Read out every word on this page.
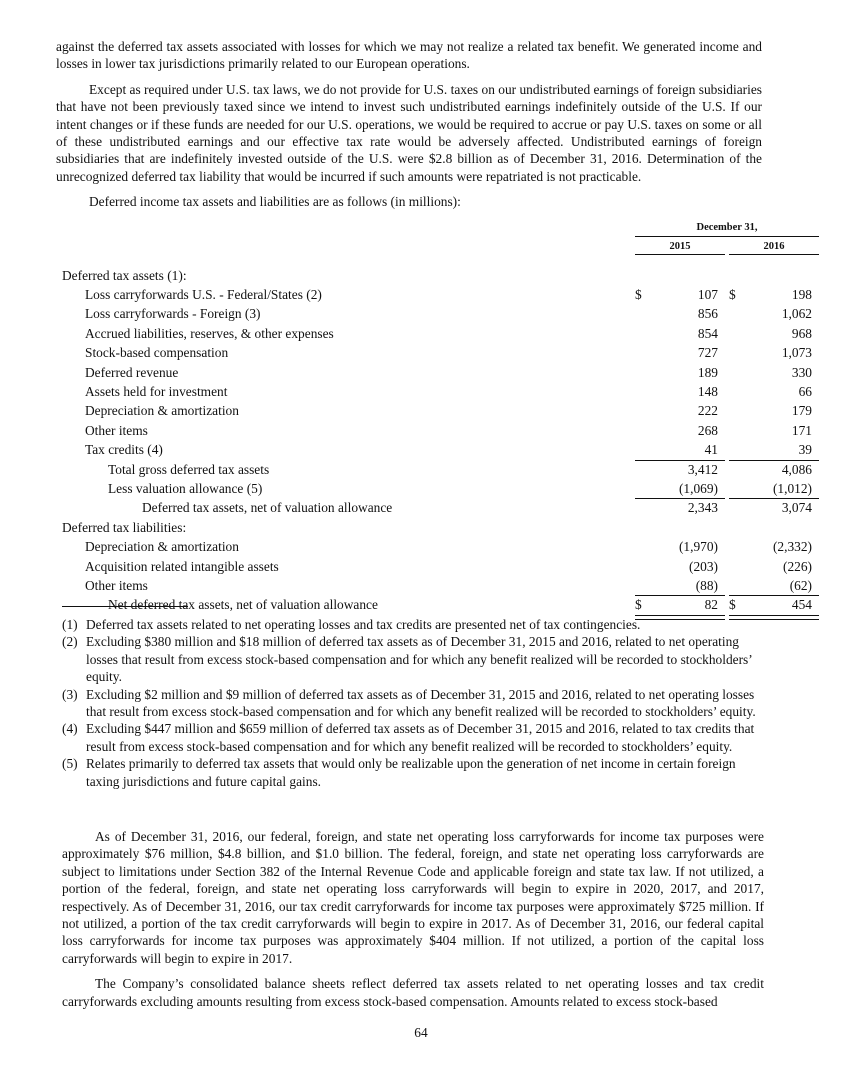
against the deferred tax assets associated with losses for which we may not realize a related tax benefit. We generated income and losses in lower tax jurisdictions primarily related to our European operations.

Except as required under U.S. tax laws, we do not provide for U.S. taxes on our undistributed earnings of foreign subsidiaries that have not been previously taxed since we intend to invest such undistributed earnings indefinitely outside of the U.S. If our intent changes or if these funds are needed for our U.S. operations, we would be required to accrue or pay U.S. taxes on some or all of these undistributed earnings and our effective tax rate would be adversely affected. Undistributed earnings of foreign subsidiaries that are indefinitely invested outside of the U.S. were $2.8 billion as of December 31, 2016. Determination of the unrecognized deferred tax liability that would be incurred if such amounts were repatriated is not practicable.

Deferred income tax assets and liabilities are as follows (in millions):

December 31,
2015	2016
Deferred tax assets (1):
Loss carryforwards U.S. - Federal/States (2)	$	107 $	198
Loss carryforwards - Foreign (3)	856	1,062
Accrued liabilities, reserves, & other expenses	854	968
Stock-based compensation	727	1,073
Deferred revenue	189	330
Assets held for investment	148	66
Depreciation & amortization	222	179
Other items	268	171
Tax credits (4)	41	39
Total gross deferred tax assets	3,412	4,086
Less valuation allowance (5)	(1,069)	(1,012)
Deferred tax assets, net of valuation allowance	2,343	3,074
Deferred tax liabilities:
Depreciation & amortization	(1,970)	(2,332)
Acquisition related intangible assets	(203)	(226)
Other items	(88)	(62)
Net deferred tax assets, net of valuation allowance	$	82 $	454

(1) Deferred tax assets related to net operating losses and tax credits are presented net of tax contingencies.

(2) Excluding $380 million and $18 million of deferred tax assets as of December 31, 2015 and 2016, related to net operating losses that result from excess stock-based compensation and for which any benefit realized will be recorded to stockholders’ equity.

(3) Excluding $2 million and $9 million of deferred tax assets as of December 31, 2015 and 2016, related to net operating losses that result from excess stock-based compensation and for which any benefit realized will be recorded to stockholders’ equity.

(4) Excluding $447 million and $659 million of deferred tax assets as of December 31, 2015 and 2016, related to tax credits that result from excess stock-based compensation and for which any benefit realized will be recorded to stockholders’ equity.

(5) Relates primarily to deferred tax assets that would only be realizable upon the generation of net income in certain foreign taxing jurisdictions and future capital gains.

As of December 31, 2016, our federal, foreign, and state net operating loss carryforwards for income tax purposes were approximately $76 million, $4.8 billion, and $1.0 billion. The federal, foreign, and state net operating loss carryforwards are subject to limitations under Section 382 of the Internal Revenue Code and applicable foreign and state tax law. If not utilized, a portion of the federal, foreign, and state net operating loss carryforwards will begin to expire in 2020, 2017, and 2017, respectively. As of December 31, 2016, our tax credit carryforwards for income tax purposes were approximately $725 million. If not utilized, a portion of the tax credit carryforwards will begin to expire in 2017. As of December 31, 2016, our federal capital loss carryforwards for income tax purposes was approximately $404 million. If not utilized, a portion of the capital loss carryforwards will begin to expire in 2017.

The Company’s consolidated balance sheets reflect deferred tax assets related to net operating losses and tax credit carryforwards excluding amounts resulting from excess stock-based compensation. Amounts related to excess stock-based

64
